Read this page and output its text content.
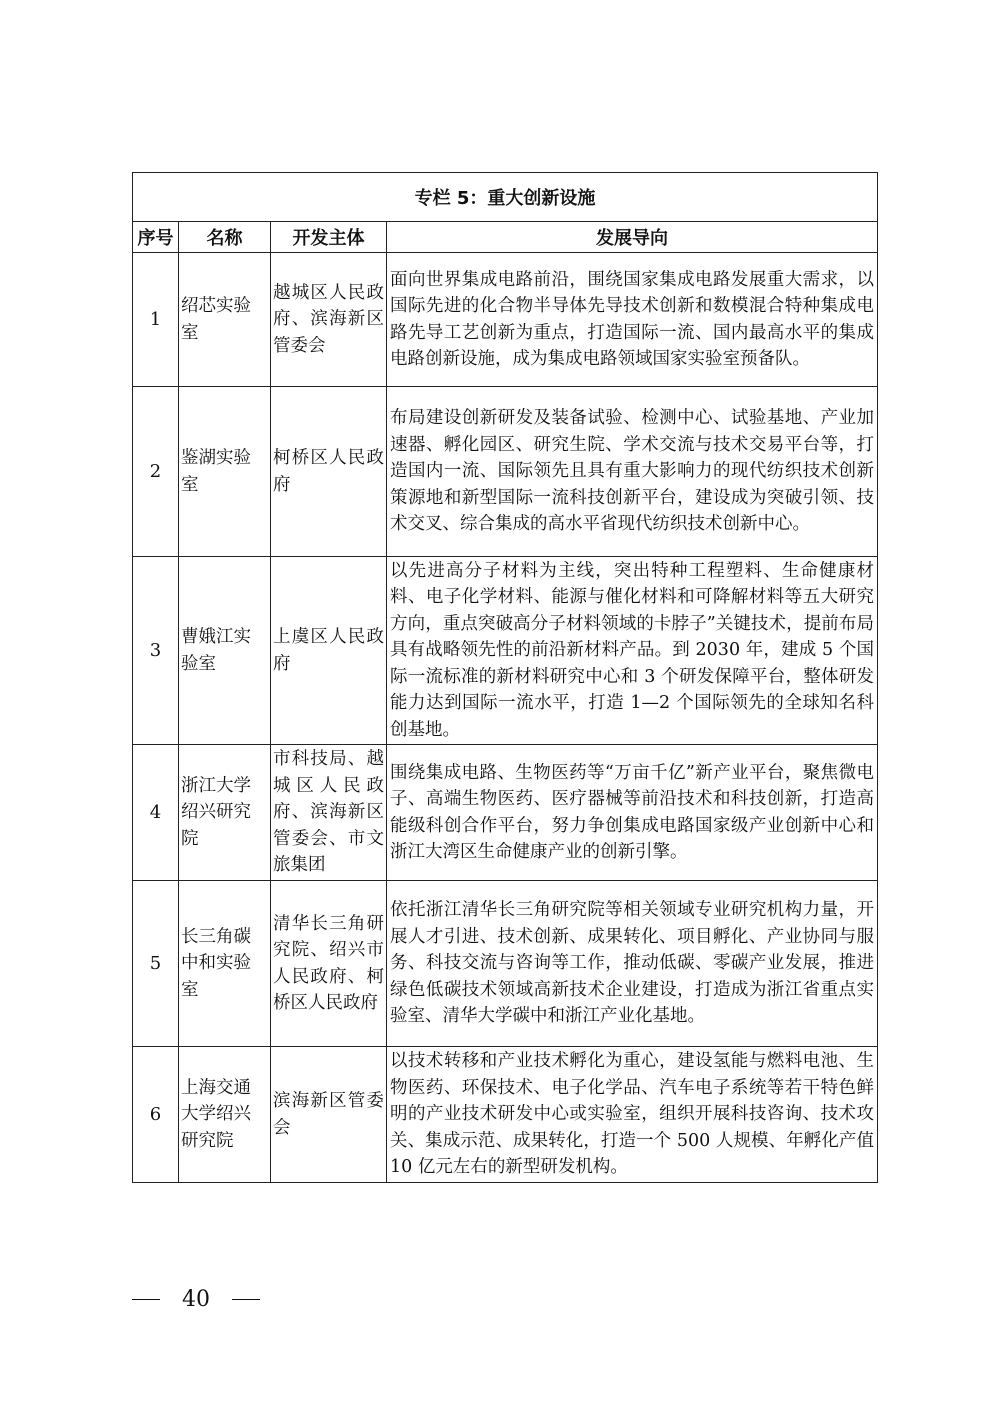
专栏 5：重大创新设施			
序号	名称	开发主体	发展导向
1	绍芯实验室	越城区人民政府、滨海新区管委会	面向世界集成电路前沿，围绕国家集成电路发展重大需求，以国际先进的化合物半导体先导技术创新和数模混合特种集成电路先导工艺创新为重点，打造国际一流、国内最高水平的集成电路创新设施，成为集成电路领域国家实验室预备队。
2	鉴湖实验室	柯桥区人民政府	布局建设创新研发及装备试验、检测中心、试验基地、产业加速器、孵化园区、研究生院、学术交流与技术交易平台等，打造国内一流、国际领先且具有重大影响力的现代纺织技术创新策源地和新型国际一流科技创新平台，建设成为突破引领、技术交叉、综合集成的高水平省现代纺织技术创新中心。
3	曹娥江实验室	上虞区人民政府	以先进高分子材料为主线，突出特种工程塑料、生命健康材料、电子化学材料、能源与催化材料和可降解材料等五大研究方向，重点突破高分子材料领域的卡脖子”关键技术，提前布局具有战略领先性的前沿新材料产品。到 2030 年，建成 5 个国际一流标准的新材料研究中心和 3 个研发保障平台，整体研发能力达到国际一流水平，打造 1—2 个国际领先的全球知名科创基地。
4	浙江大学绍兴研究院	市科技局、越城区人民政府、滨海新区管委会、市文旅集团	围绕集成电路、生物医药等“万亩千亿”新产业平台，聚焦微电子、高端生物医药、医疗器械等前沿技术和科技创新，打造高能级科创合作平台，努力争创集成电路国家级产业创新中心和浙江大湾区生命健康产业的创新引擎。
5	长三角碳中和实验室	清华长三角研究院、绍兴市人民政府、柯桥区人民政府	依托浙江清华长三角研究院等相关领域专业研究机构力量，开展人才引进、技术创新、成果转化、项目孵化、产业协同与服务、科技交流与咨询等工作，推动低碳、零碳产业发展，推进绿色低碳技术领域高新技术企业建设，打造成为浙江省重点实验室、清华大学碳中和浙江产业化基地。
6	上海交通大学绍兴研究院	滨海新区管委会	以技术转移和产业技术孵化为重心，建设氢能与燃料电池、生物医药、环保技术、电子化学品、汽车电子系统等若干特色鲜明的产业技术研发中心或实验室，组织开展科技咨询、技术攻关、集成示范、成果转化，打造一个 500 人规模、年孵化产值 10 亿元左右的新型研发机构。
40
